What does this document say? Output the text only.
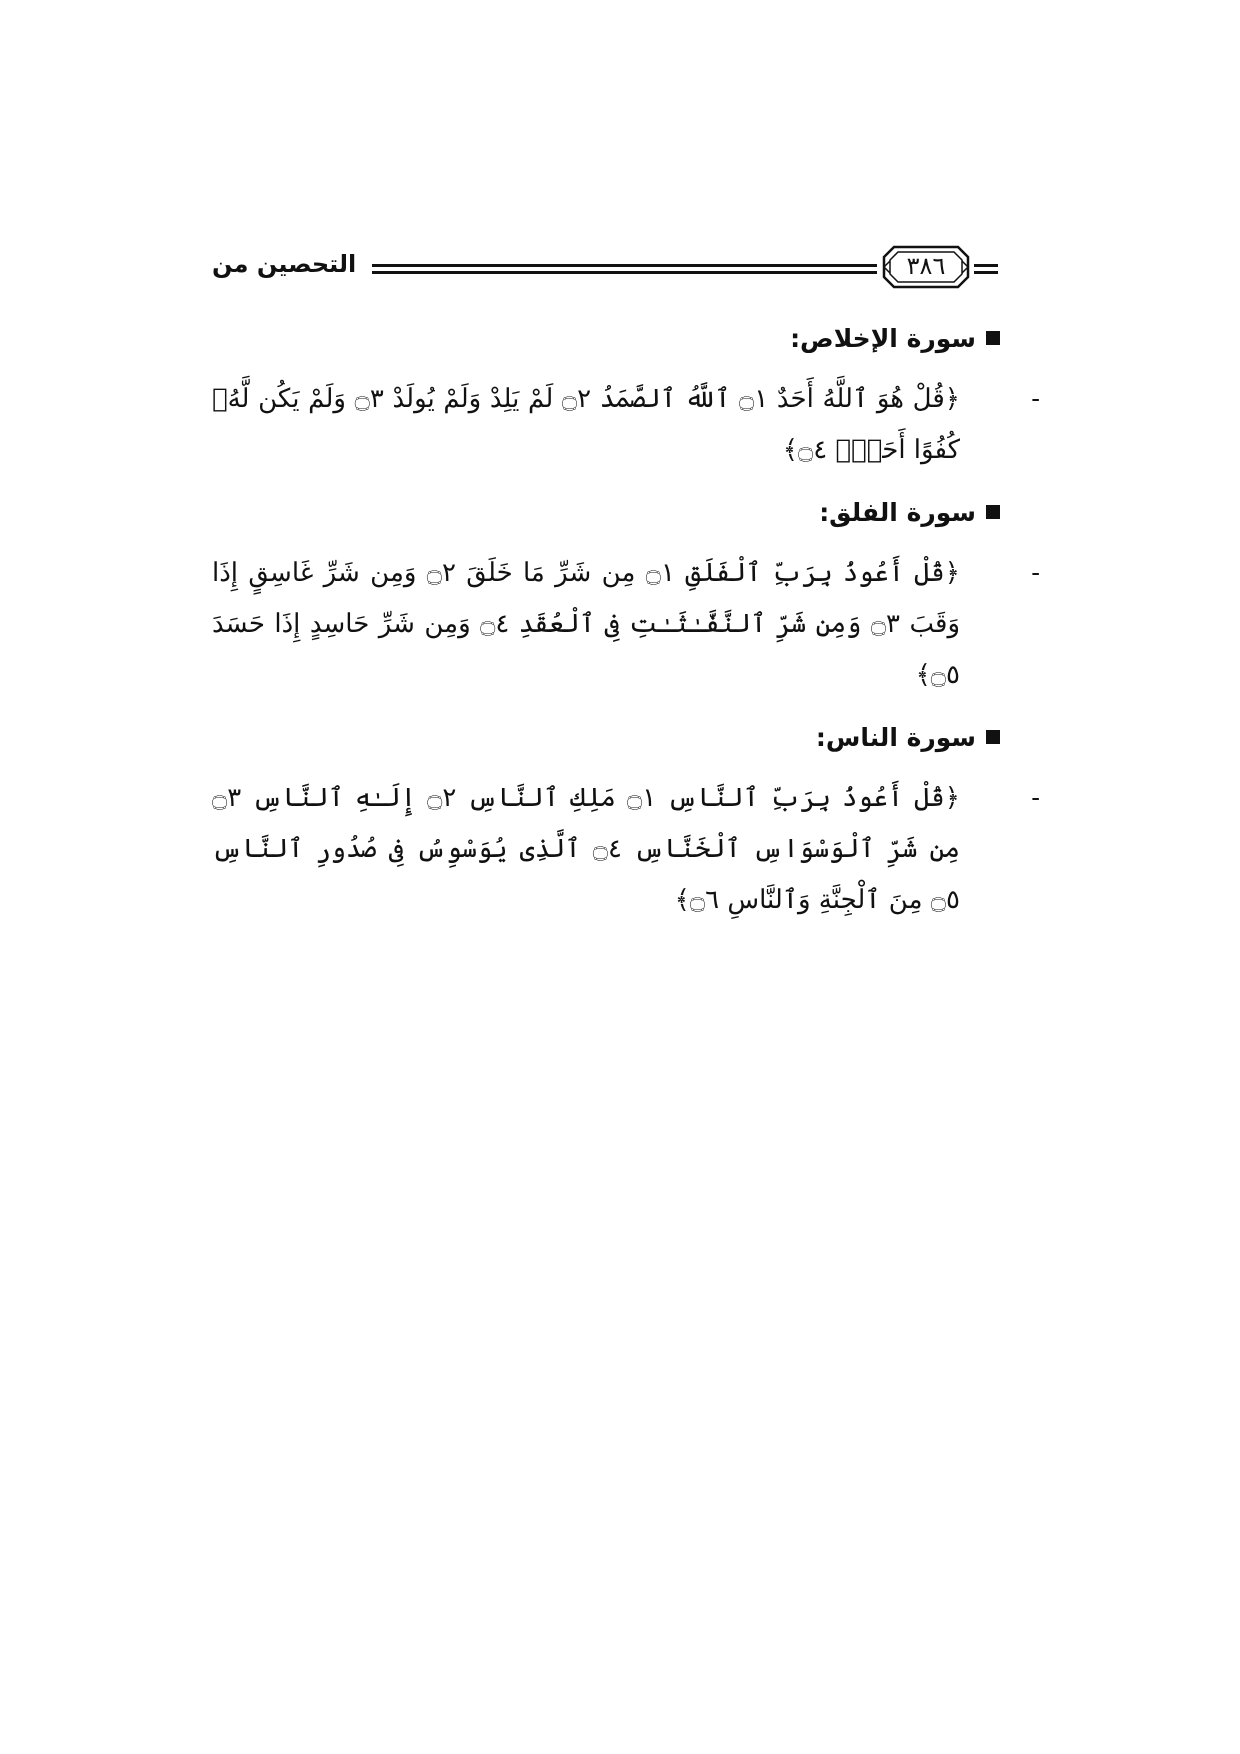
التحصين من	٣٨٦
سورة الإخلاص:
-
﴿قُلْ هُوَ ٱللَّهُ أَحَدٌ ۝١ ٱللَّهُ ٱلصَّمَدُ ۝٢ لَمْ يَلِدْ وَلَمْ يُولَدْ ۝٣ وَلَمْ يَكُن لَّهُۥ كُفُوًا أَحَدٌۢ ۝٤﴾
سورة الفلق:
-
﴿قُلْ أَعُوذُ بِرَبِّ ٱلْفَلَقِ ۝١ مِن شَرِّ مَا خَلَقَ ۝٢ وَمِن شَرِّ غَاسِقٍ إِذَا وَقَبَ ۝٣ وَمِن شَرِّ ٱلنَّفَّـٰثَـٰتِ فِى ٱلْعُقَدِ ۝٤ وَمِن شَرِّ حَاسِدٍ إِذَا حَسَدَ ۝٥﴾
سورة الناس:
-
﴿قُلْ أَعُوذُ بِرَبِّ ٱلنَّاسِ ۝١ مَلِكِ ٱلنَّاسِ ۝٢ إِلَـٰهِ ٱلنَّاسِ ۝٣ مِن شَرِّ ٱلْوَسْوَاسِ ٱلْخَنَّاسِ ۝٤ ٱلَّذِى يُوَسْوِسُ فِى صُدُورِ ٱلنَّاسِ ۝٥ مِنَ ٱلْجِنَّةِ وَٱلنَّاسِ ۝٦﴾
